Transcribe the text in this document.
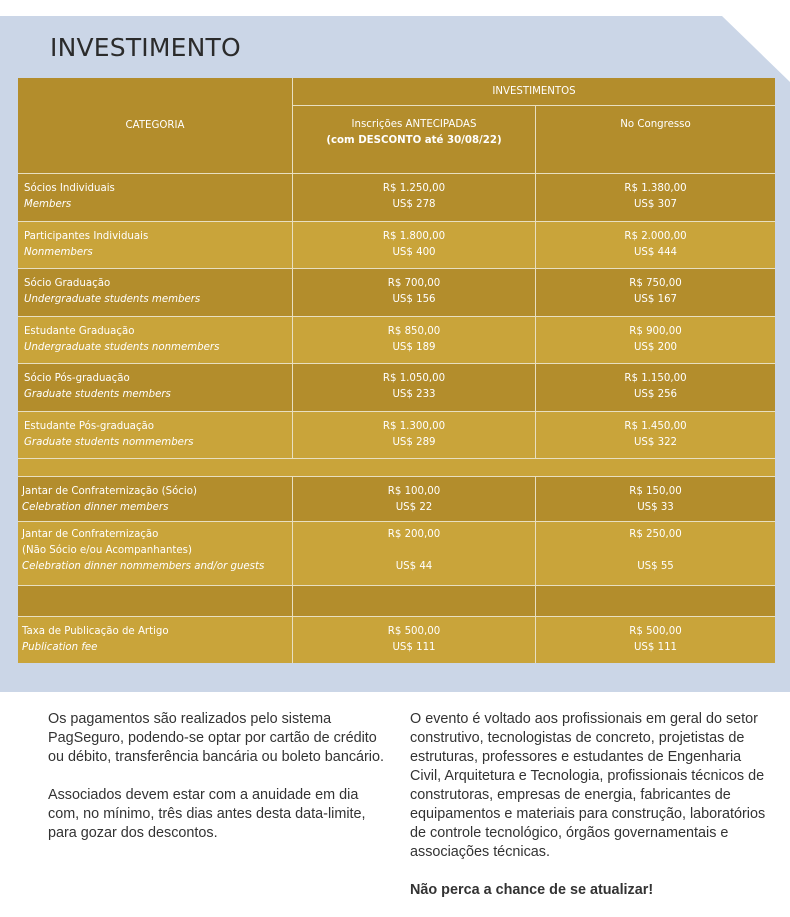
INVESTIMENTO
CATEGORIA
INVESTIMENTOS
Inscrições ANTECIPADAS
(com DESCONTO até 30/08/22)
No Congresso
Sócios Individuais
Members
R$ 1.250,00
US$ 278
R$ 1.380,00
US$ 307
Participantes Individuais
Nonmembers
R$ 1.800,00
US$ 400
R$ 2.000,00
US$ 444
Sócio Graduação
Undergraduate students members
R$ 700,00
US$ 156
R$ 750,00
US$ 167
Estudante Graduação
Undergraduate students nonmembers
R$ 850,00
US$ 189
R$ 900,00
US$ 200
Sócio Pós-graduação
Graduate students members
R$ 1.050,00
US$ 233
R$ 1.150,00
US$ 256
Estudante Pós-graduação
Graduate students nommembers
R$ 1.300,00
US$ 289
R$ 1.450,00
US$ 322
Jantar de Confraternização (Sócio)
Celebration dinner members
R$ 100,00
US$ 22
R$ 150,00
US$ 33
Jantar de Confraternização
(Não Sócio e/ou Acompanhantes)
Celebration dinner nommembers and/or guests
R$ 200,00

US$ 44
R$ 250,00

US$ 55
Taxa de Publicação de Artigo
Publication fee
R$ 500,00
US$ 111
R$ 500,00
US$ 111

Os pagamentos são realizados pelo sistema PagSeguro, podendo-se optar por cartão de crédito ou débito, transferência bancária ou boleto bancário.

Associados devem estar com a anuidade em dia com, no mínimo, três dias antes desta data-limite, para gozar dos descontos.

O evento é voltado aos profissionais em geral do setor construtivo, tecnologistas de concreto, projetistas de estruturas, professores e estudantes de Engenharia Civil, Arquitetura e Tecnologia, profissionais técnicos de construtoras, empresas de energia, fabricantes de equipamentos e materiais para construção, laboratórios de controle tecnológico, órgãos governamentais e associações técnicas.

Não perca a chance de se atualizar!
